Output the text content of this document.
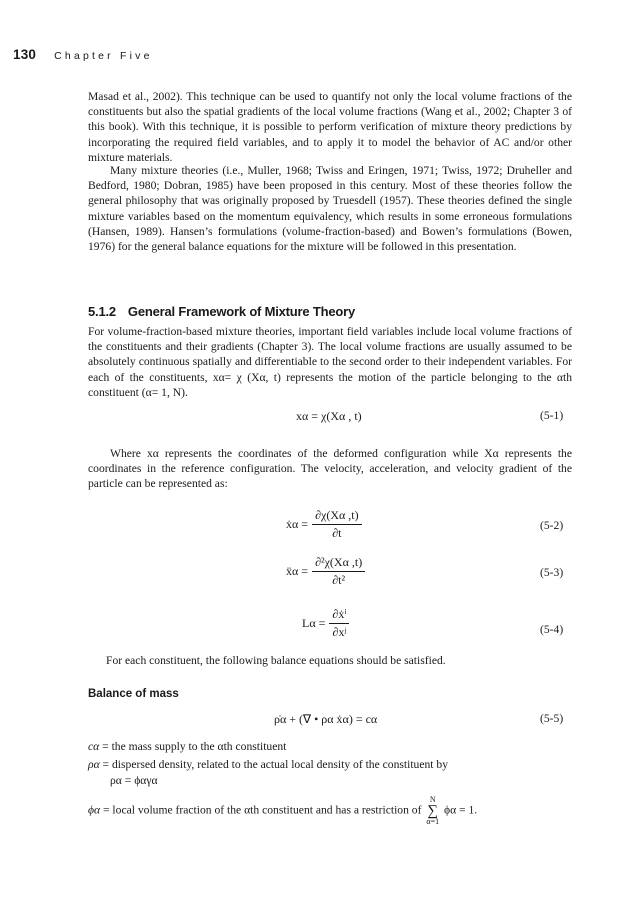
130 Chapter Five
Masad et al., 2002). This technique can be used to quantify not only the local volume fractions of the constituents but also the spatial gradients of the local volume fractions (Wang et al., 2002; Chapter 3 of this book). With this technique, it is possible to perform verification of mixture theory predictions by incorporating the required field variables, and to apply it to model the behavior of AC and/or other mixture materials.
Many mixture theories (i.e., Muller, 1968; Twiss and Eringen, 1971; Twiss, 1972; Druheller and Bedford, 1980; Dobran, 1985) have been proposed in this century. Most of these theories follow the general philosophy that was originally proposed by Truesdell (1957). These theories defined the single mixture variables based on the momentum equivalency, which results in some erroneous formulations (Hansen, 1989). Hansen’s formulations (volume-fraction-based) and Bowen’s formulations (Bowen, 1976) for the general balance equations for the mixture will be followed in this presentation.
5.1.2 General Framework of Mixture Theory
For volume-fraction-based mixture theories, important field variables include local volume fractions of the constituents and their gradients (Chapter 3). The local volume fractions are usually assumed to be absolutely continuous spatially and differentiable to the second order to their independent variables. For each of the constituents, xα= χ (Xα, t) represents the motion of the particle belonging to the αth constituent (α= 1, N).
xα = χ(Xα , t)	(5-1)
Where xα represents the coordinates of the deformed configuration while Xα represents the coordinates in the reference configuration. The velocity, acceleration, and velocity gradient of the particle can be represented as:
ẋα = $\frac{\partial\chi(X\alpha ,t)}{\partial t}$	(5-2)
ẍα = $\frac{\text{∂²χ(Xα ,t)}}{\text{∂t²}}$	(5-3)
$L\alpha = \frac{\text{∂ẋⁱ}}{\text{∂xʲ}}$	(5-4)
For each constituent, the following balance equations should be satisfied.
Balance of mass
ρ̇α + (∇ • ρα ẋα) = cα	(5-5)
cα = the mass supply to the αth constituent
ρα = dispersed density, related to the actual local density of the constituent by
ρα = ϕαγα
ϕα = local volume fraction of the αth constituent and has a restriction of
N
∑
α=1
ϕα = 1.
